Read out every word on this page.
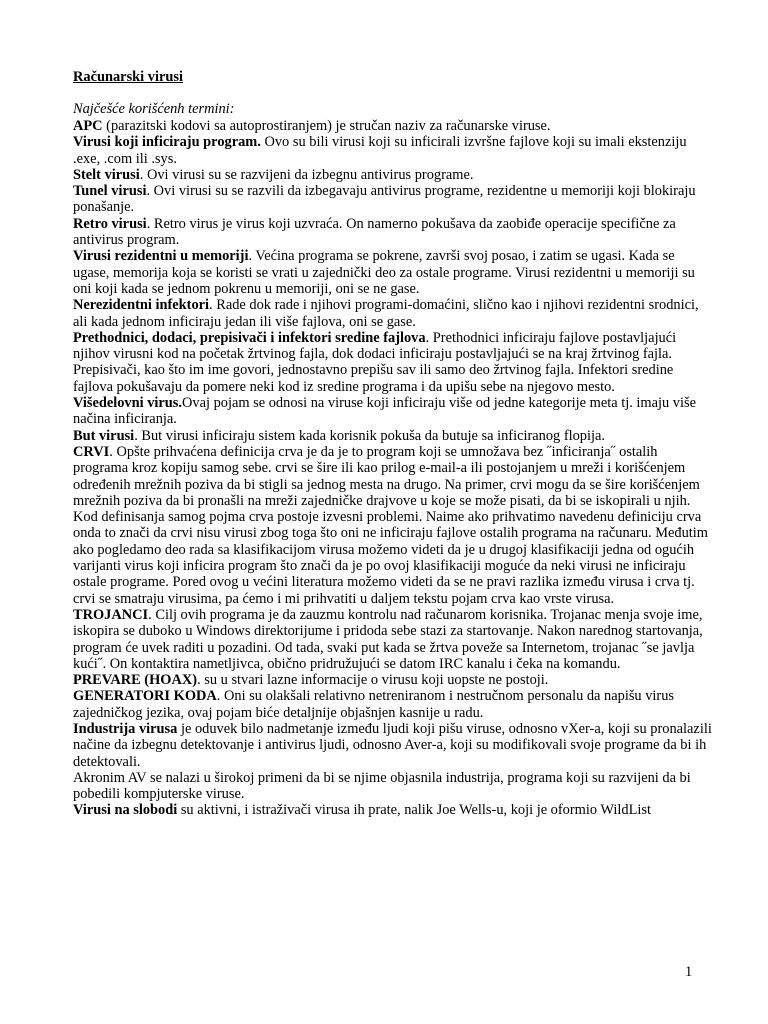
Računarski virusi

Najčešće korišćenh termini:

APC (parazitski kodovi sa autoprostiranjem) je stručan naziv za računarske viruse.

Virusi koji inficiraju program. Ovo su bili virusi koji su inficirali izvršne fajlove koji su imali ekstenziju .exe, .com ili .sys.

Stelt virusi. Ovi virusi su se razvijeni da izbegnu antivirus programe.

Tunel virusi. Ovi virusi su se razvili da izbegavaju antivirus programe, rezidentne u memoriji koji blokiraju ponašanje.

Retro virusi. Retro virus je virus koji uzvraća. On namerno pokušava da zaobiđe operacije specifične za antivirus program.

Virusi rezidentni u memoriji. Većina programa se pokrene, završi svoj posao, i zatim se ugasi. Kada se ugase, memorija koja se koristi se vrati u zajednički deo za ostale programe. Virusi rezidentni u memoriji su oni koji kada se jednom pokrenu u memoriji, oni se ne gase.

Nerezidentni infektori. Rade dok rade i njihovi programi-domaćini, slično kao i njihovi rezidentni srodnici, ali kada jednom inficiraju jedan ili više fajlova, oni se gase.

Prethodnici, dodaci, prepisivači i infektori sredine fajlova. Prethodnici inficiraju fajlove postavljajući njihov virusni kod na početak žrtvinog fajla, dok dodaci inficiraju postavljajući se na kraj žrtvinog fajla. Prepisivači, kao što im ime govori, jednostavno prepišu sav ili samo deo žrtvinog fajla. Infektori sredine fajlova pokušavaju da pomere neki kod iz sredine programa i da upišu sebe na njegovo mesto.

Višedelovni virus.Ovaj pojam se odnosi na viruse koji inficiraju više od jedne kategorije meta tj. imaju više načina inficiranja.

But virusi. But virusi inficiraju sistem kada korisnik pokuša da butuje sa inficiranog flopija.

CRVI. Opšte prihvaćena definicija crva je da je to program koji se umnožava bez ˝inficiranja˝ ostalih programa kroz kopiju samog sebe. crvi se šire ili kao prilog e-mail-a ili postojanjem u mreži i korišćenjem određenih mrežnih poziva da bi stigli sa jednog mesta na drugo. Na primer, crvi mogu da se šire korišćenjem mrežnih poziva da bi pronašli na mreži zajedničke drajvove u koje se može pisati, da bi se iskopirali u njih. Kod definisanja samog pojma crva postoje izvesni problemi. Naime ako prihvatimo navedenu definiciju crva onda to znači da crvi nisu virusi zbog toga što oni ne inficiraju fajlove ostalih programa na računaru. Međutim ako pogledamo deo rada sa klasifikacijom virusa možemo videti da je u drugoj klasifikaciji jedna od ogućih varijanti virus koji inficira program što znači da je po ovoj klasifikaciji moguće da neki virusi ne inficiraju ostale programe. Pored ovog u većini literatura možemo videti da se ne pravi razlika između virusa i crva tj. crvi se smatraju virusima, pa ćemo i mi prihvatiti u daljem tekstu pojam crva kao vrste virusa.

TROJANCI. Cilj ovih programa je da zauzmu kontrolu nad računarom korisnika. Trojanac menja svoje ime, iskopira se duboko u Windows direktorijume i pridoda sebe stazi za startovanje. Nakon narednog startovanja, program će uvek raditi u pozadini. Od tada, svaki put kada se žrtva poveže sa Internetom, trojanac ˝se javlja kući˝. On kontaktira nametljivca, obično pridružujući se datom IRC kanalu i čeka na komandu.

PREVARE (HOAX). su u stvari lazne informacije o virusu koji uopste ne postoji.

GENERATORI KODA. Oni su olakšali relativno netreniranom i nestručnom personalu da napišu virus zajedničkog jezika, ovaj pojam biće detaljnije objašnjen kasnije u radu.

Industrija virusa je oduvek bilo nadmetanje između ljudi koji pišu viruse, odnosno vXer-a, koji su pronalazili načine da izbegnu detektovanje i antivirus ljudi, odnosno Aver-a, koji su modifikovali svoje programe da bi ih detektovali.

Akronim AV se nalazi u širokoj primeni da bi se njime objasnila industrija, programa koji su razvijeni da bi pobedili kompjuterske viruse.

Virusi na slobodi su aktivni, i istraživači virusa ih prate, nalik Joe Wells-u, koji je oformio WildList

1
